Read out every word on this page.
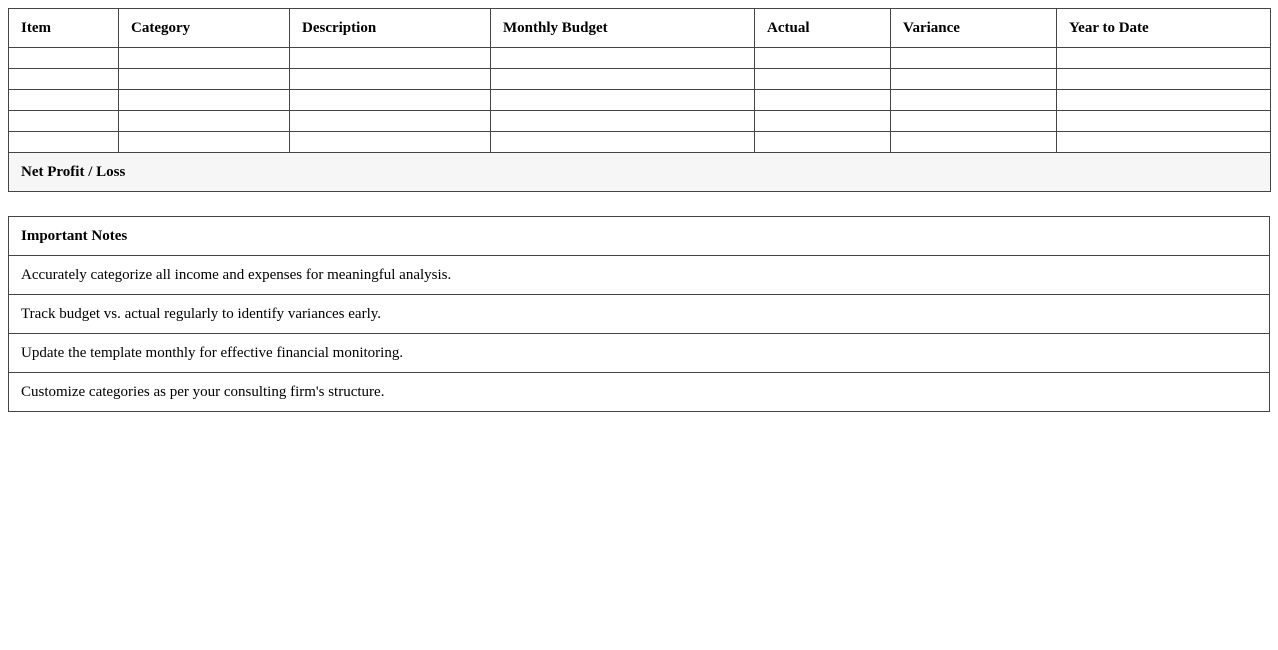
Item	Category	Description	Monthly Budget	Actual	Variance	Year to Date

Net Profit / Loss						
Important Notes
Accurately categorize all income and expenses for meaningful analysis.
Track budget vs. actual regularly to identify variances early.
Update the template monthly for effective financial monitoring.
Customize categories as per your consulting firm's structure.
